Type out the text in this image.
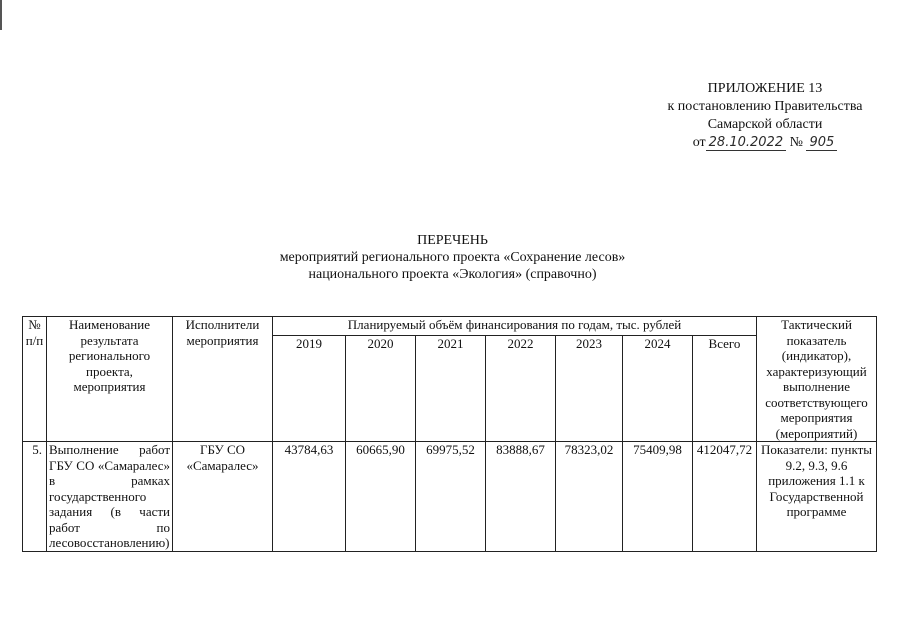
ПРИЛОЖЕНИЕ 13
к постановлению Правительства
Самарской области
от 28.10.2022 № 905
ПЕРЕЧЕНЬ
мероприятий регионального проекта «Сохранение лесов»
национального проекта «Экология» (справочно)
№ п/п	Наименование результата регионального проекта, мероприятия	Исполнители мероприятия	Планируемый объём финансирования по годам, тыс. рублей							Тактический показатель (индикатор), характеризующий выполнение соответствующего мероприятия (мероприятий)
			2019	2020	2021	2022	2023	2024	Всего	
5.	Выполнение работ ГБУ СО «Самаралес» в рамках государственного задания (в части работ по лесовосстановлению)	ГБУ СО «Самаралес»	43784,63	60665,90	69975,52	83888,67	78323,02	75409,98	412047,72	Показатели: пункты 9.2, 9.3, 9.6 приложения 1.1 к Государственной программе
